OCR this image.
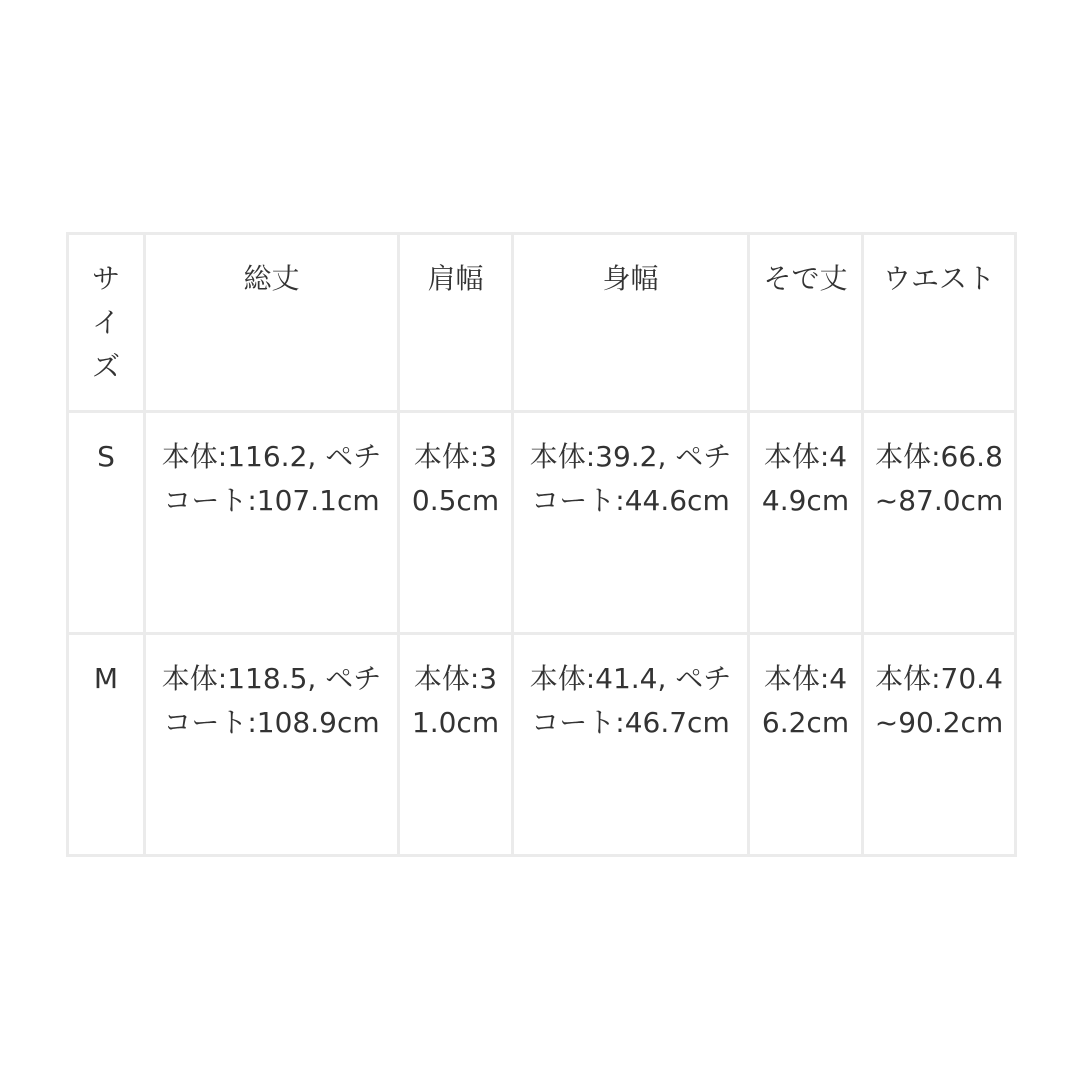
サイズ	総丈	肩幅	身幅	そで丈	ウエスト
S	本体:116.2, ペチコート:107.1cm	本体:30.5cm	本体:39.2, ペチコート:44.6cm	本体:44.9cm	本体:66.8~87.0cm
M	本体:118.5, ペチコート:108.9cm	本体:31.0cm	本体:41.4, ペチコート:46.7cm	本体:46.2cm	本体:70.4~90.2cm
